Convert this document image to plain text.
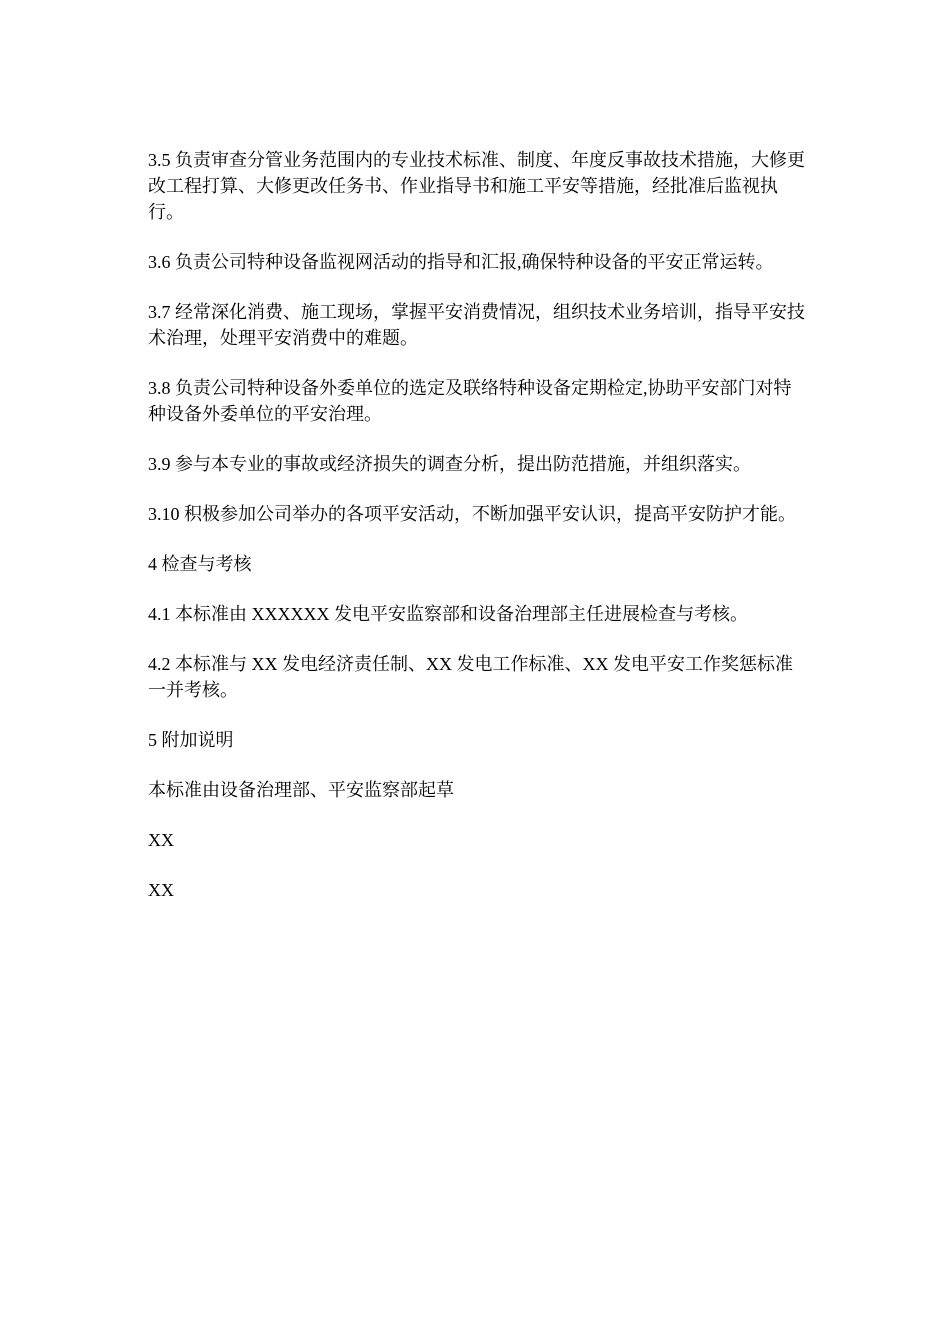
3.5 负责审查分管业务范围内的专业技术标准、制度、年度反事故技术措施，大修更改工程打算、大修更改任务书、作业指导书和施工平安等措施，经批准后监视执行。

3.6 负责公司特种设备监视网活动的指导和汇报,确保特种设备的平安正常运转。

3.7 经常深化消费、施工现场，掌握平安消费情况，组织技术业务培训，指导平安技术治理，处理平安消费中的难题。

3.8 负责公司特种设备外委单位的选定及联络特种设备定期检定,协助平安部门对特种设备外委单位的平安治理。

3.9 参与本专业的事故或经济损失的调查分析，提出防范措施，并组织落实。

3.10 积极参加公司举办的各项平安活动，不断加强平安认识，提高平安防护才能。

4 检查与考核

4.1 本标准由 XXXXXX 发电平安监察部和设备治理部主任进展检查与考核。

4.2 本标准与 XX 发电经济责任制、XX 发电工作标准、XX 发电平安工作奖惩标准一并考核。

5 附加说明

本标准由设备治理部、平安监察部起草

XX

XX
